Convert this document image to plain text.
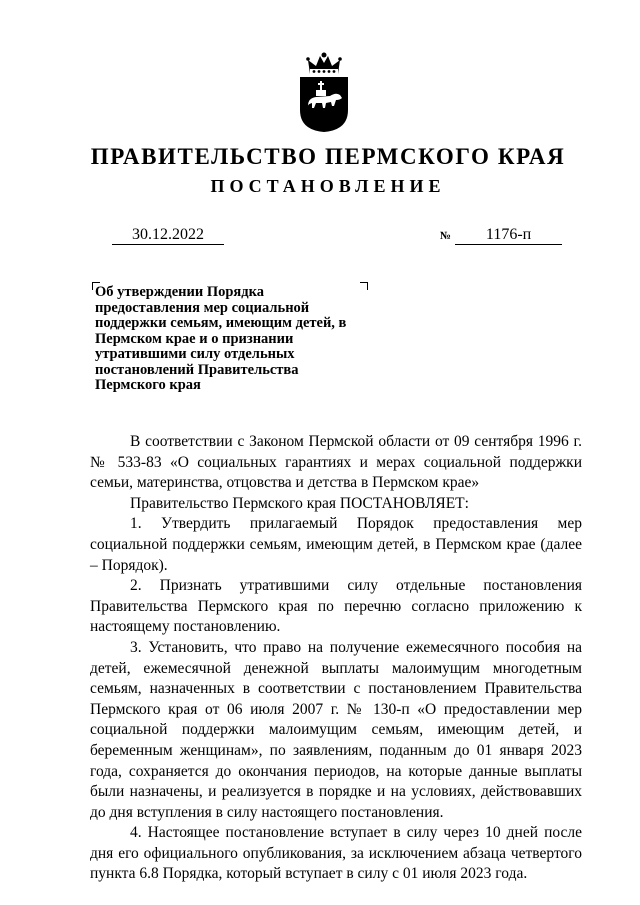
ПРАВИТЕЛЬСТВО ПЕРМСКОГО КРАЯ
ПОСТАНОВЛЕНИЕ
30.12.2022	№ 1176-п
Об утверждении Порядка предоставления мер социальной поддержки семьям, имеющим детей, в Пермском крае и о признании утратившими силу отдельных постановлений Правительства Пермского края

В соответствии с Законом Пермской области от 09 сентября 1996 г. № 533-83 «О социальных гарантиях и мерах социальной поддержки семьи, материнства, отцовства и детства в Пермском крае»

Правительство Пермского края ПОСТАНОВЛЯЕТ:

1. Утвердить прилагаемый Порядок предоставления мер социальной поддержки семьям, имеющим детей, в Пермском крае (далее – Порядок).

2. Признать утратившими силу отдельные постановления Правительства Пермского края по перечню согласно приложению к настоящему постановлению.

3. Установить, что право на получение ежемесячного пособия на детей, ежемесячной денежной выплаты малоимущим многодетным семьям, назначенных в соответствии с постановлением Правительства Пермского края от 06 июля 2007 г. № 130-п «О предоставлении мер социальной поддержки малоимущим семьям, имеющим детей, и беременным женщинам», по заявлениям, поданным до 01 января 2023 года, сохраняется до окончания периодов, на которые данные выплаты были назначены, и реализуется в порядке и на условиях, действовавших до дня вступления в силу настоящего постановления.

4. Настоящее постановление вступает в силу через 10 дней после дня его официального опубликования, за исключением абзаца четвертого пункта 6.8 Порядка, который вступает в силу с 01 июля 2023 года.
